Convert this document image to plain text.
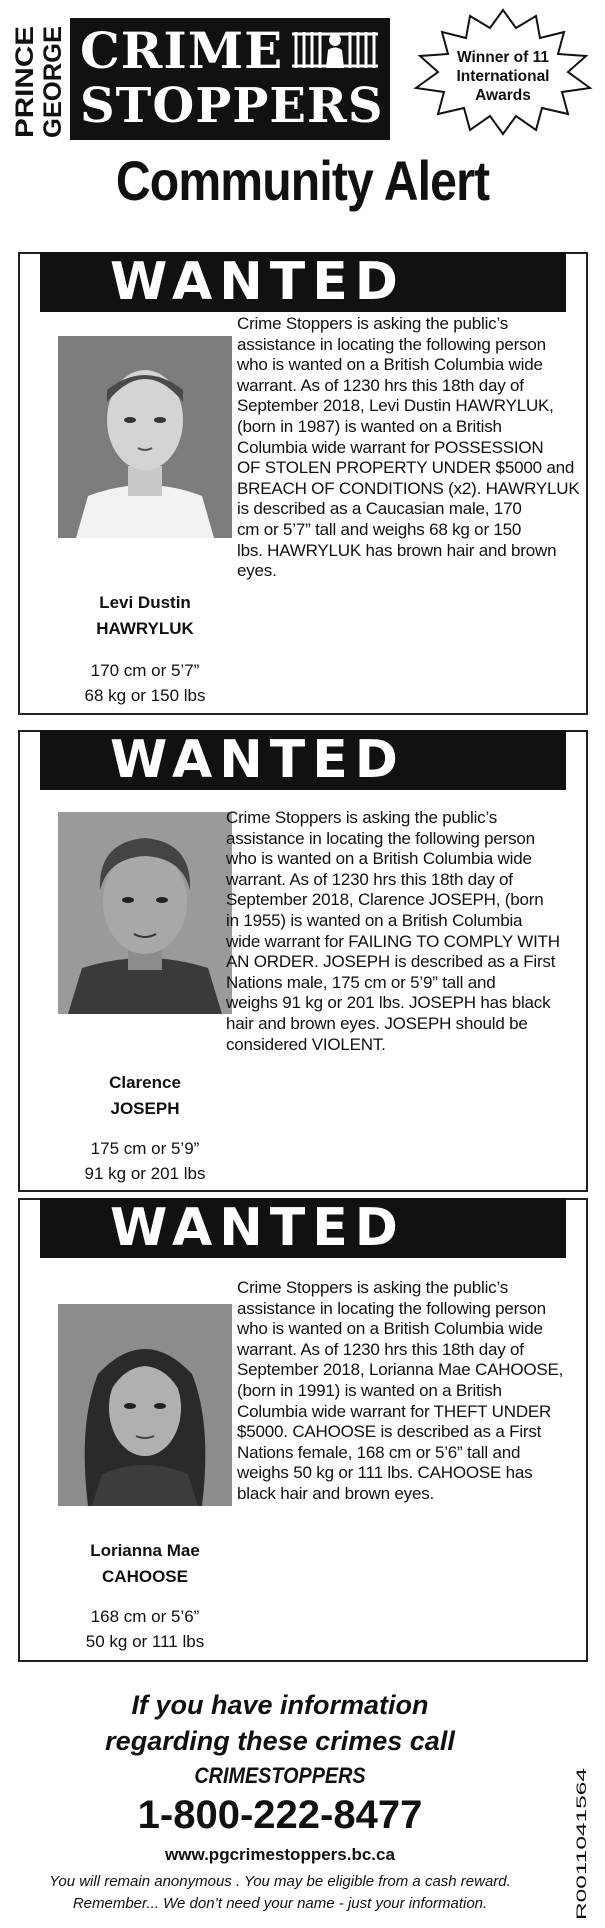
PRINCE GEORGE CRIME
STOPPERS
Winner of 11
International
Awards
Community Alert
WANTED
Levi Dustin
HAWRYLUK
170 cm or 5’7”
68 kg or 150 lbs
Crime Stoppers is asking the public’s
assistance in locating the following person
who is wanted on a British Columbia wide
warrant. As of 1230 hrs this 18th day of
September 2018, Levi Dustin HAWRYLUK,
(born in 1987) is wanted on a British
Columbia wide warrant for POSSESSION
OF STOLEN PROPERTY UNDER $5000 and
BREACH OF CONDITIONS (x2). HAWRYLUK
is described as a Caucasian male, 170
cm or 5’7” tall and weighs 68 kg or 150
lbs. HAWRYLUK has brown hair and brown
eyes.
WANTED
Clarence
JOSEPH
175 cm or 5’9”
91 kg or 201 lbs
Crime Stoppers is asking the public’s
assistance in locating the following person
who is wanted on a British Columbia wide
warrant. As of 1230 hrs this 18th day of
September 2018, Clarence JOSEPH, (born
in 1955) is wanted on a British Columbia
wide warrant for FAILING TO COMPLY WITH
AN ORDER. JOSEPH is described as a First
Nations male, 175 cm or 5’9” tall and
weighs 91 kg or 201 lbs. JOSEPH has black
hair and brown eyes. JOSEPH should be
considered VIOLENT.
WANTED
Lorianna Mae
CAHOOSE
168 cm or 5’6”
50 kg or 111 lbs
Crime Stoppers is asking the public’s
assistance in locating the following person
who is wanted on a British Columbia wide
warrant. As of 1230 hrs this 18th day of
September 2018, Lorianna Mae CAHOOSE,
(born in 1991) is wanted on a British
Columbia wide warrant for THEFT UNDER
$5000. CAHOOSE is described as a First
Nations female, 168 cm or 5’6” tall and
weighs 50 kg or 111 lbs. CAHOOSE has
black hair and brown eyes.
If you have information
regarding these crimes call
CRIMESTOPPERS
1-800-222-8477
www.pgcrimestoppers.bc.ca
You will remain anonymous . You may be eligible from a cash reward.
Remember... We don’t need your name - just your information.	R0011041564
